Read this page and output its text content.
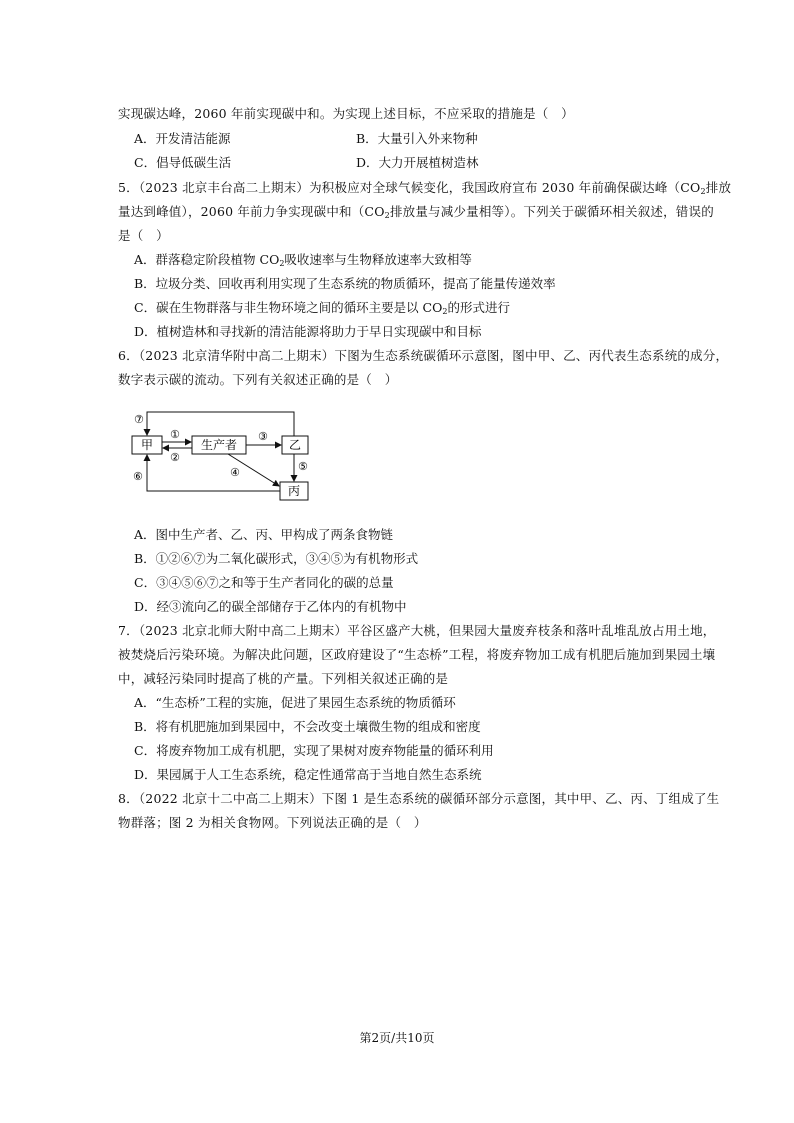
实现碳达峰，2060 年前实现碳中和。为实现上述目标，不应采取的措施是（　）
A．开发清洁能源	B．大量引入外来物种
C．倡导低碳生活	D．大力开展植树造林
5．（2023 北京丰台高二上期末）为积极应对全球气候变化，我国政府宣布 2030 年前确保碳达峰（$CO_2$排放
量达到峰值），2060 年前力争实现碳中和（$CO_2$排放量与减少量相等）。下列关于碳循环相关叙述，错误的
是（　）
A．群落稳定阶段植物 $CO_2$吸收速率与生物释放速率大致相等
B．垃圾分类、回收再利用实现了生态系统的物质循环，提高了能量传递效率
C．碳在生物群落与非生物环境之间的循环主要是以 $CO_2$的形式进行
D．植树造林和寻找新的清洁能源将助力于早日实现碳中和目标
6．（2023 北京清华附中高二上期末）下图为生态系统碳循环示意图，图中甲、乙、丙代表生态系统的成分，
数字表示碳的流动。下列有关叙述正确的是（　）
甲	生产者	乙
丙
⑦
①
②
③
④	⑤
⑥
A．图中生产者、乙、丙、甲构成了两条食物链
B．①②⑥⑦为二氧化碳形式，③④⑤为有机物形式
C．③④⑤⑥⑦之和等于生产者同化的碳的总量
D．经③流向乙的碳全部储存于乙体内的有机物中
7．（2023 北京北师大附中高二上期末）平谷区盛产大桃，但果园大量废弃枝条和落叶乱堆乱放占用土地，
被焚烧后污染环境。为解决此问题，区政府建设了“生态桥”工程，将废弃物加工成有机肥后施加到果园土壤
中，减轻污染同时提高了桃的产量。下列相关叙述正确的是
A．“生态桥”工程的实施，促进了果园生态系统的物质循环
B．将有机肥施加到果园中，不会改变土壤微生物的组成和密度
C．将废弃物加工成有机肥，实现了果树对废弃物能量的循环利用
D．果园属于人工生态系统，稳定性通常高于当地自然生态系统
8．（2022 北京十二中高二上期末）下图 1 是生态系统的碳循环部分示意图，其中甲、乙、丙、丁组成了生
物群落；图 2 为相关食物网。下列说法正确的是（　）
第2页/共10页
